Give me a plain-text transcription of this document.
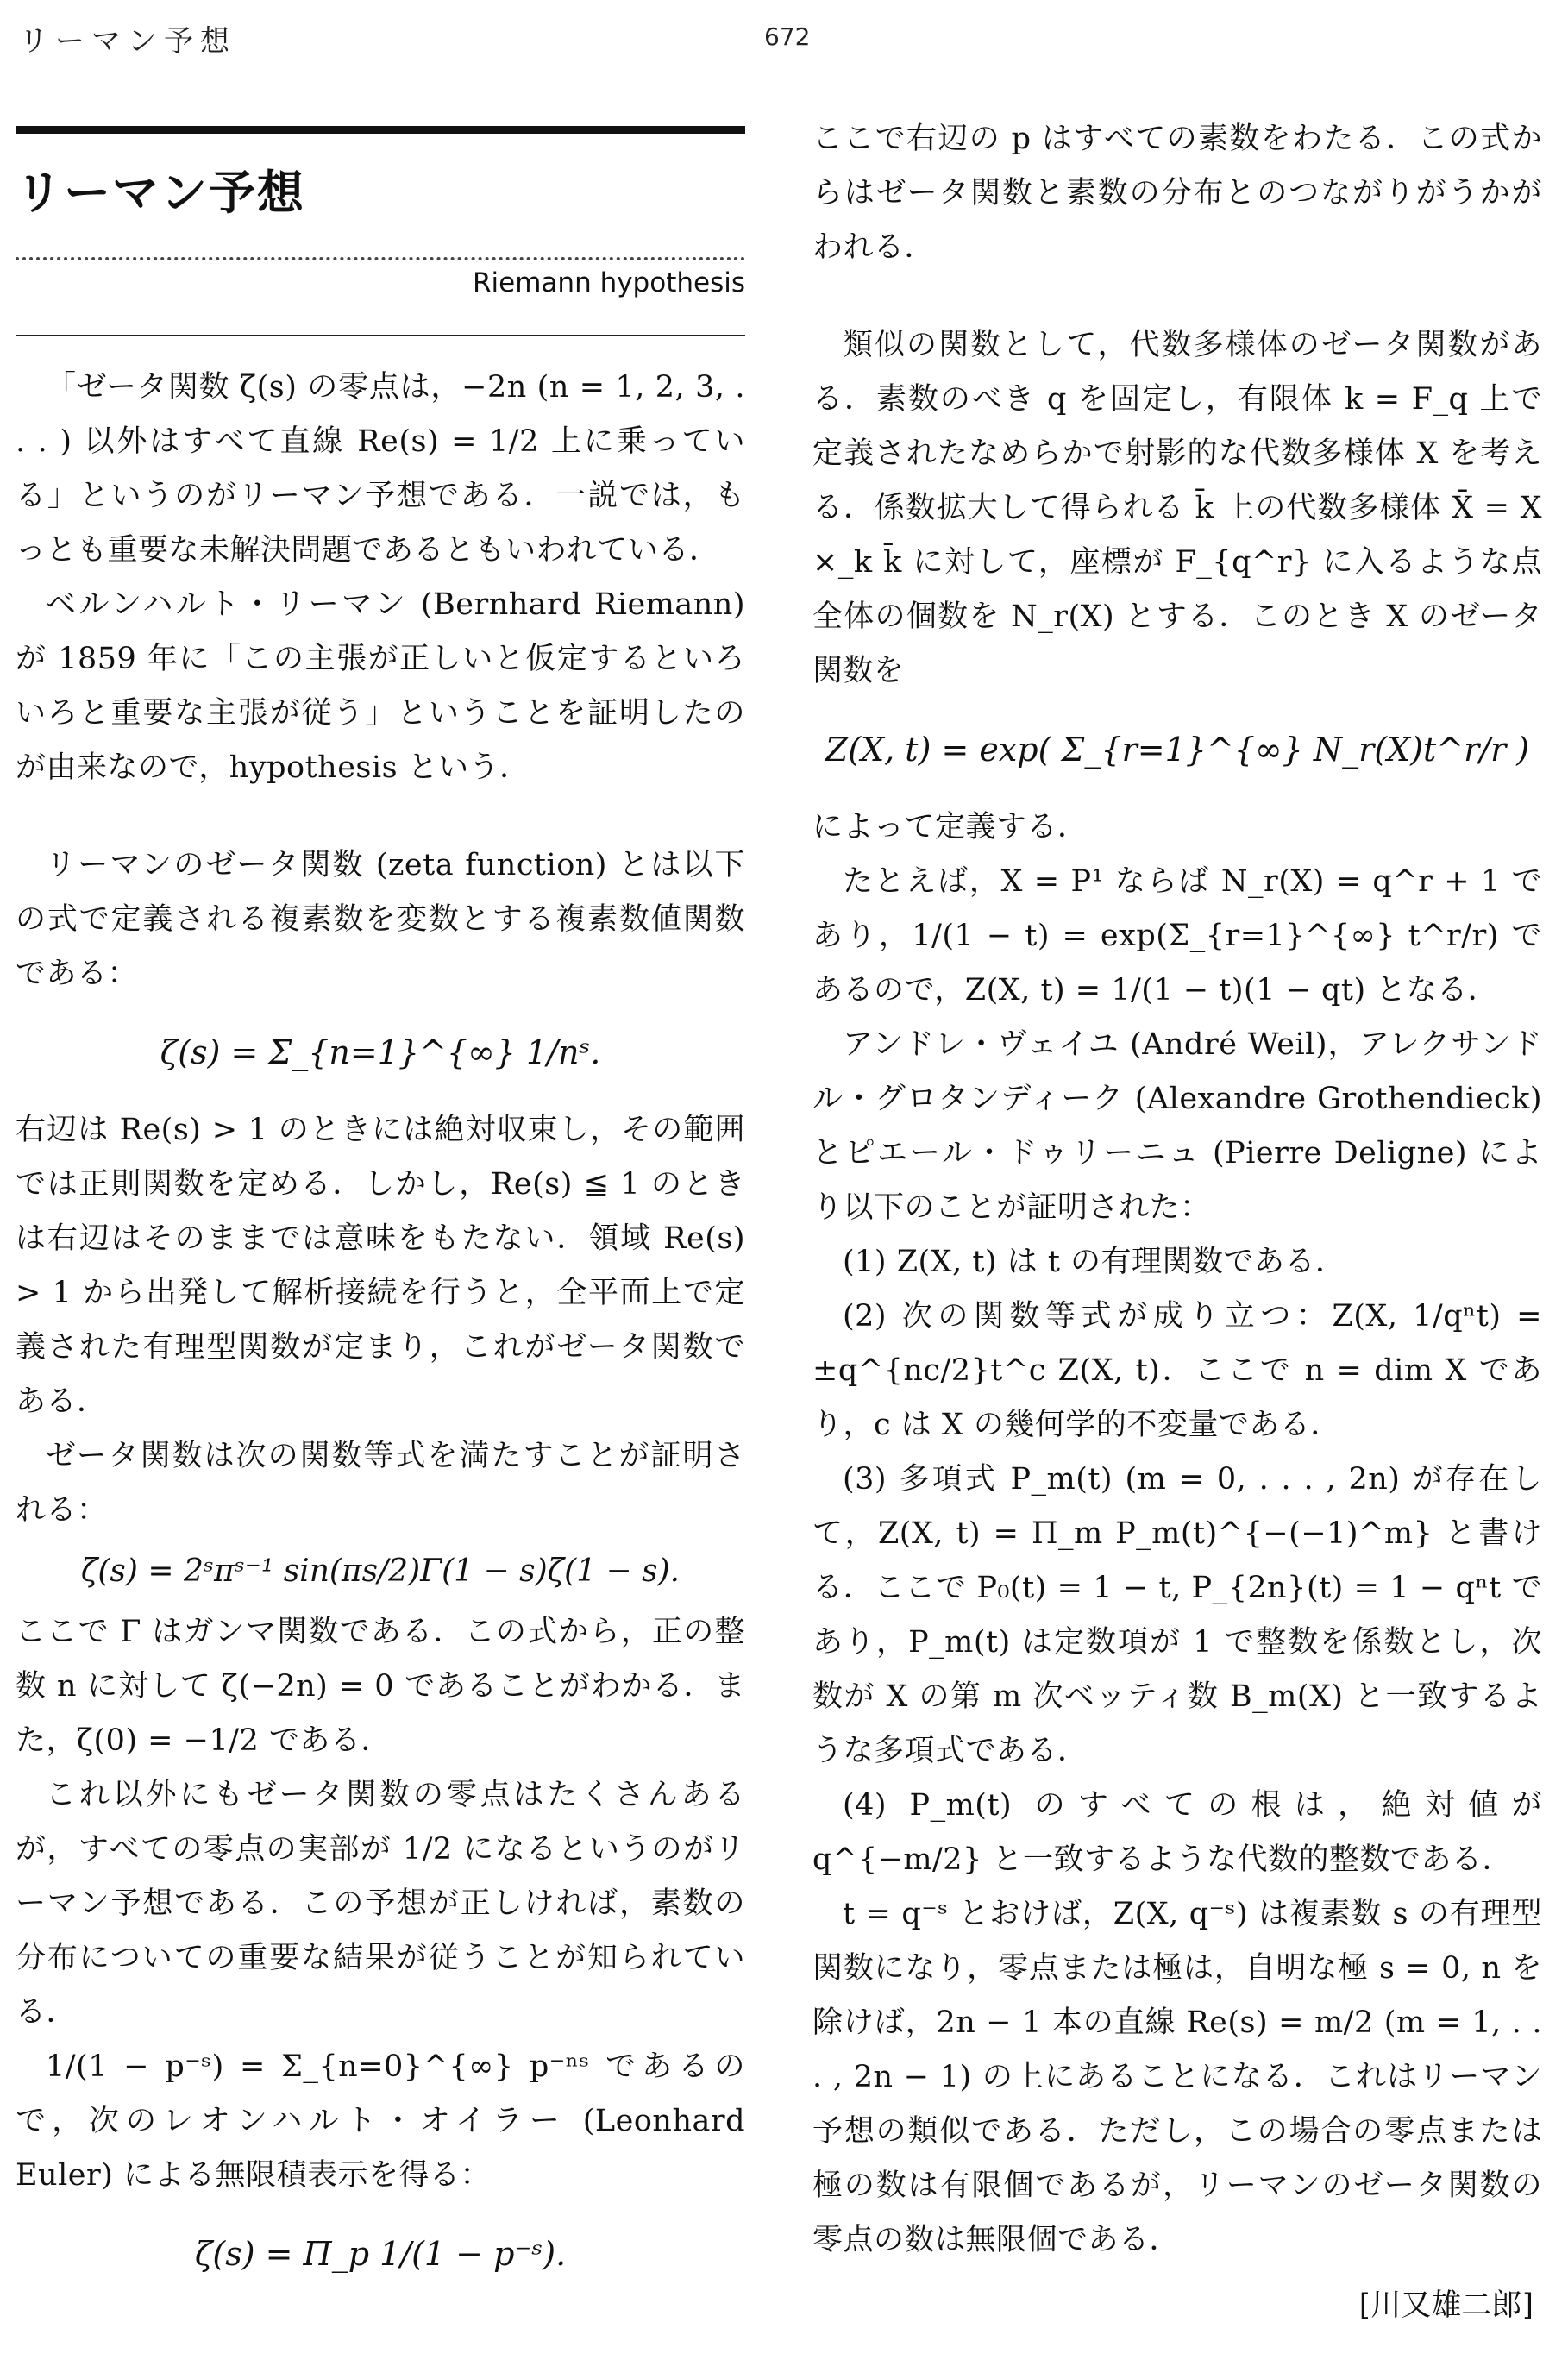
リーマン予想	672
リーマン予想
Riemann hypothesis

「ゼータ関数 ζ(s) の零点は，−2n (n = 1, 2, 3, . . . ) 以外はすべて直線 Re(s) = 1/2 上に乗っている」というのがリーマン予想である．一説では，もっとも重要な未解決問題であるともいわれている．

ベルンハルト・リーマン (Bernhard Riemann) が 1859 年に「この主張が正しいと仮定するといろいろと重要な主張が従う」ということを証明したのが由来なので，hypothesis という．

リーマンのゼータ関数 (zeta function) とは以下の式で定義される複素数を変数とする複素数値関数である：

ζ(s) = Σ_{n=1}^{∞} 1/nˢ.

右辺は Re(s) > 1 のときには絶対収束し，その範囲では正則関数を定める．しかし，Re(s) ≦ 1 のときは右辺はそのままでは意味をもたない．領域 Re(s) > 1 から出発して解析接続を行うと，全平面上で定義された有理型関数が定まり，これがゼータ関数である．

ゼータ関数は次の関数等式を満たすことが証明される：

ζ(s) = 2ˢπˢ⁻¹ sin(πs/2)Γ(1 − s)ζ(1 − s).

ここで Γ はガンマ関数である．この式から，正の整数 n に対して ζ(−2n) = 0 であることがわかる．また，ζ(0) = −1/2 である．

これ以外にもゼータ関数の零点はたくさんあるが，すべての零点の実部が 1/2 になるというのがリーマン予想である．この予想が正しければ，素数の分布についての重要な結果が従うことが知られている．

1/(1 − p⁻ˢ) = Σ_{n=0}^{∞} p⁻ⁿˢ であるので，次のレオンハルト・オイラー (Leonhard Euler) による無限積表示を得る：

ζ(s) = Π_p 1/(1 − p⁻ˢ).

ここで右辺の p はすべての素数をわたる．この式からはゼータ関数と素数の分布とのつながりがうかがわれる．

類似の関数として，代数多様体のゼータ関数がある．素数のべき q を固定し，有限体 k = F_q 上で定義されたなめらかで射影的な代数多様体 X を考える．係数拡大して得られる k̄ 上の代数多様体 X̄ = X ×_k k̄ に対して，座標が F_{q^r} に入るような点全体の個数を N_r(X) とする．このとき X のゼータ関数を

Z(X, t) = exp( Σ_{r=1}^{∞} N_r(X)t^r/r )

によって定義する．

たとえば，X = P¹ ならば N_r(X) = q^r + 1 であり，1/(1 − t) = exp(Σ_{r=1}^{∞} t^r/r) であるので，Z(X, t) = 1/(1 − t)(1 − qt) となる．

アンドレ・ヴェイユ (André Weil)，アレクサンドル・グロタンディーク (Alexandre Grothendieck) とピエール・ドゥリーニュ (Pierre Deligne) により以下のことが証明された：

(1) Z(X, t) は t の有理関数である．

(2) 次の関数等式が成り立つ：Z(X, 1/qⁿt) = ±q^{nc/2}t^c Z(X, t)．ここで n = dim X であり，c は X の幾何学的不変量である．

(3) 多項式 P_m(t) (m = 0, . . . , 2n) が存在して，Z(X, t) = Π_m P_m(t)^{−(−1)^m} と書ける．ここで P₀(t) = 1 − t, P_{2n}(t) = 1 − qⁿt であり，P_m(t) は定数項が 1 で整数を係数とし，次数が X の第 m 次ベッティ数 B_m(X) と一致するような多項式である．

(4) P_m(t) のすべての根は，絶対値が q^{−m/2} と一致するような代数的整数である．

t = q⁻ˢ とおけば，Z(X, q⁻ˢ) は複素数 s の有理型関数になり，零点または極は，自明な極 s = 0, n を除けば，2n − 1 本の直線 Re(s) = m/2 (m = 1, . . . , 2n − 1) の上にあることになる．これはリーマン予想の類似である．ただし，この場合の零点または極の数は有限個であるが，リーマンのゼータ関数の零点の数は無限個である．

[川又雄二郎]
